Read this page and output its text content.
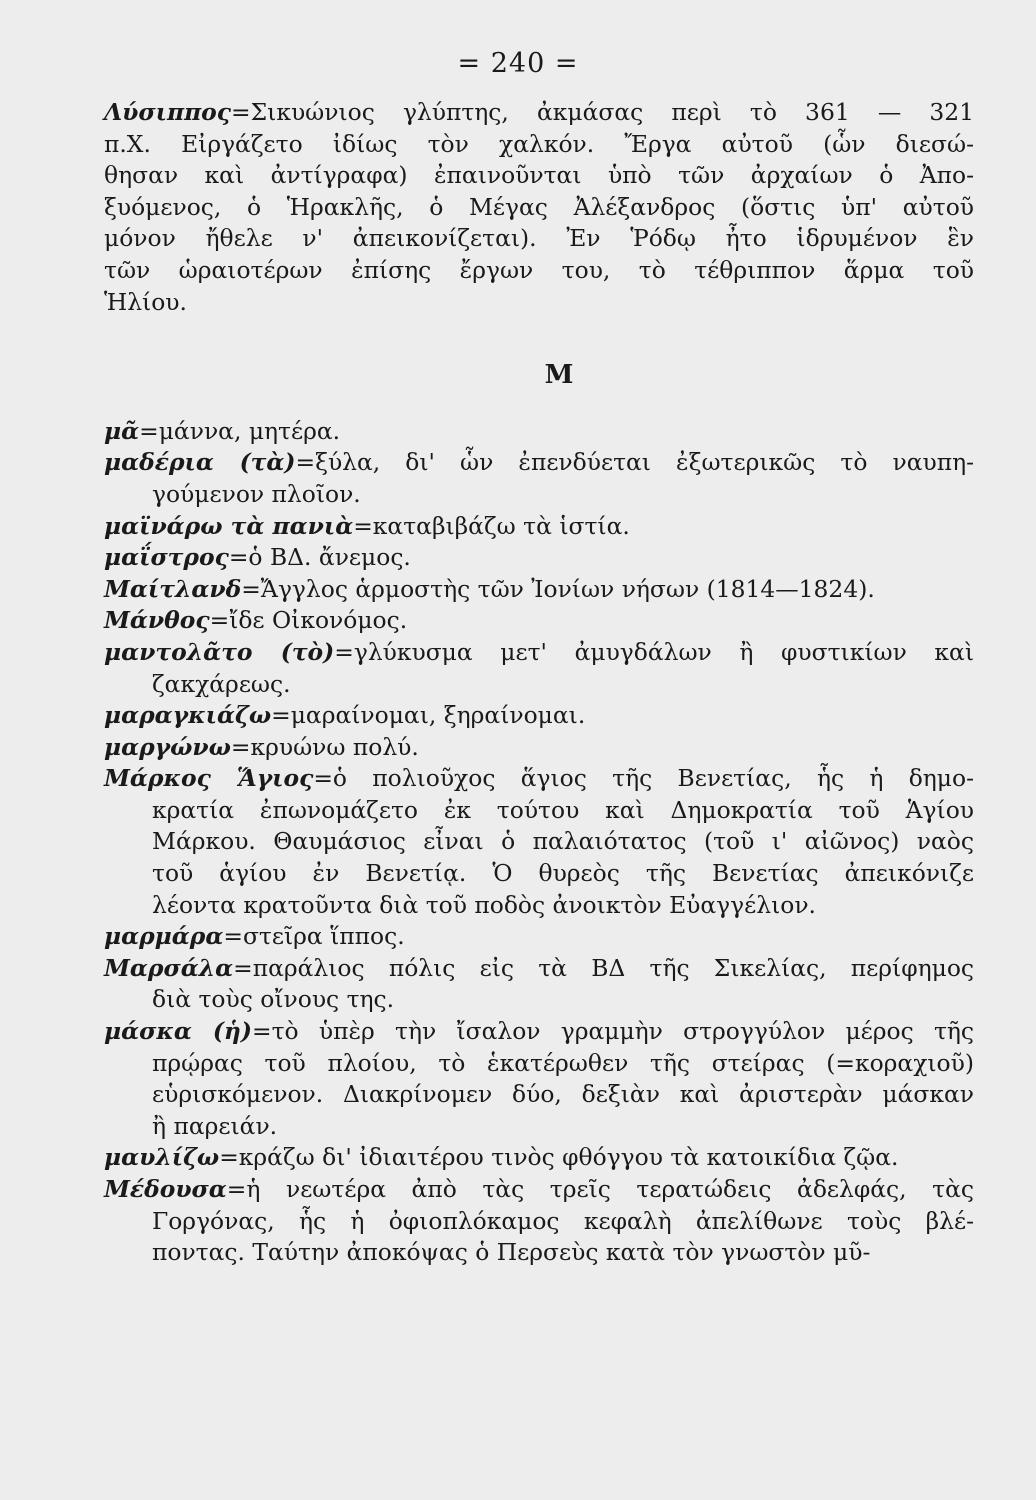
= 240 =
Λύσιππος=Σικυώνιος γλύπτης, ἀκμάσας περὶ τὸ 361 — 321
π.Χ. Εἰργάζετο ἰδίως τὸν χαλκόν. Ἔργα αὐτοῦ (ὧν διεσώ-
θησαν καὶ ἀντίγραφα) ἐπαινοῦνται ὑπὸ τῶν ἀρχαίων ὁ Ἀπο-
ξυόμενος, ὁ Ἡρακλῆς, ὁ Μέγας Ἀλέξανδρος (ὅστις ὑπ' αὐτοῦ
μόνον ἤθελε ν' ἀπεικονίζεται). Ἐν Ῥόδῳ ἦτο ἱδρυμένον ἓν
τῶν ὡραιοτέρων ἐπίσης ἔργων του, τὸ τέθριππον ἅρμα τοῦ
Ἡλίου.
Μ
μᾶ=μάννα, μητέρα.
μαδέρια (τὰ)=ξύλα, δι' ὧν ἐπενδύεται ἐξωτερικῶς τὸ ναυπη-
γούμενον πλοῖον.
μαϊνάρω τὰ πανιὰ=καταβιβάζω τὰ ἱστία.
μαΐστρος=ὁ ΒΔ. ἄνεμος.
Μαίτλανδ=Ἄγγλος ἁρμοστὴς τῶν Ἰονίων νήσων (1814—1824).
Μάνθος=ἴδε Οἰκονόμος.
μαντολᾶτο (τὸ)=γλύκυσμα μετ' ἀμυγδάλων ἢ φυστικίων καὶ
ζακχάρεως.
μαραγκιάζω=μαραίνομαι, ξηραίνομαι.
μαργώνω=κρυώνω πολύ.
Μάρκος Ἅγιος=ὁ πολιοῦχος ἅγιος τῆς Βενετίας, ἧς ἡ δημο-
κρατία ἐπωνομάζετο ἐκ τούτου καὶ Δημοκρατία τοῦ Ἁγίου
Μάρκου. Θαυμάσιος εἶναι ὁ παλαιότατος (τοῦ ι' αἰῶνος) ναὸς
τοῦ ἁγίου ἐν Βενετίᾳ. Ὁ θυρεὸς τῆς Βενετίας ἀπεικόνιζε
λέοντα κρατοῦντα διὰ τοῦ ποδὸς ἀνοικτὸν Εὐαγγέλιον.
μαρμάρα=στεῖρα ἵππος.
Μαρσάλα=παράλιος πόλις εἰς τὰ ΒΔ τῆς Σικελίας, περίφημος
διὰ τοὺς οἴνους της.
μάσκα (ἡ)=τὸ ὑπὲρ τὴν ἴσαλον γραμμὴν στρογγύλον μέρος τῆς
πρῴρας τοῦ πλοίου, τὸ ἑκατέρωθεν τῆς στείρας (=κοραχιοῦ)
εὑρισκόμενον. Διακρίνομεν δύο, δεξιὰν καὶ ἀριστερὰν μάσκαν
ἢ παρειάν.
μαυλίζω=κράζω δι' ἰδιαιτέρου τινὸς φθόγγου τὰ κατοικίδια ζῷα.
Μέδουσα=ἡ νεωτέρα ἀπὸ τὰς τρεῖς τερατώδεις ἀδελφάς, τὰς
Γοργόνας, ἧς ἡ ὀφιοπλόκαμος κεφαλὴ ἀπελίθωνε τοὺς βλέ-
ποντας. Ταύτην ἀποκόψας ὁ Περσεὺς κατὰ τὸν γνωστὸν μῦ-
